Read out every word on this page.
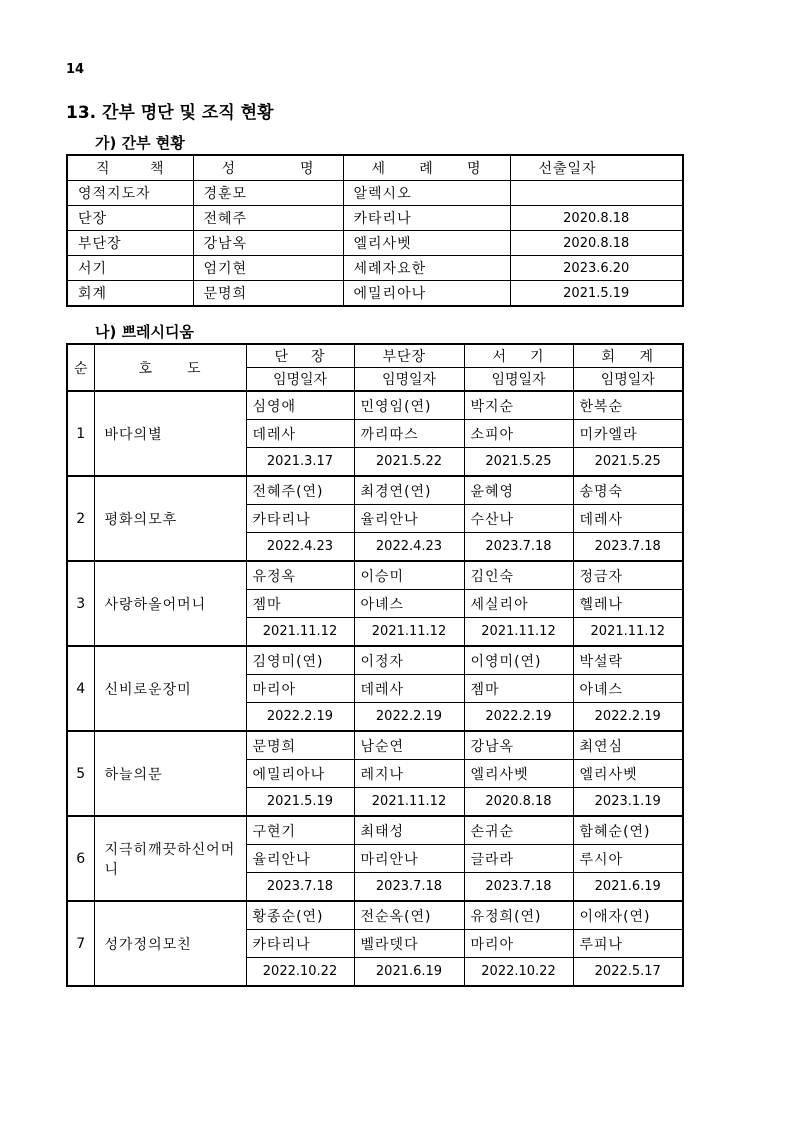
14
13. 간부 명단 및 조직 현황
가) 간부 현황
직 책	성 명	세 례 명	선출일자
영적지도자	경훈모	알렉시오	
단장	전혜주	카타리나	2020.8.18
부단장	강남옥	엘리사벳	2020.8.18
서기	엄기현	세례자요한	2023.6.20
회계	문명희	에밀리아나	2021.5.19
나) 쁘레시디움
순	호 도	단 장	부단장	서 기	회 계
		임명일자	임명일자	임명일자	임명일자
1	바다의별	심영애	민영임(연)	박지순	한복순
		데레사	까리따스	소피아	미카엘라
		2021.3.17	2021.5.22	2021.5.25	2021.5.25
2	평화의모후	전혜주(연)	최경연(연)	윤혜영	송명숙
		카타리나	율리안나	수산나	데레사
		2022.4.23	2022.4.23	2023.7.18	2023.7.18
3	사랑하올어머니	유정옥	이승미	김인숙	정금자
		젬마	아녜스	세실리아	헬레나
		2021.11.12	2021.11.12	2021.11.12	2021.11.12
4	신비로운장미	김영미(연)	이정자	이영미(연)	박설락
		마리아	데레사	젬마	아녜스
		2022.2.19	2022.2.19	2022.2.19	2022.2.19
5	하늘의문	문명희	남순연	강남옥	최연심
		에밀리아나	레지나	엘리사벳	엘리사벳
		2021.5.19	2021.11.12	2020.8.18	2023.1.19
6	지극히깨끗하신어머니	구현기	최태성	손귀순	함혜순(연)
		율리안나	마리안나	글라라	루시아
		2023.7.18	2023.7.18	2023.7.18	2021.6.19
7	성가정의모친	황종순(연)	전순옥(연)	유정희(연)	이애자(연)
		카타리나	벨라뎃다	마리아	루피나
		2022.10.22	2021.6.19	2022.10.22	2022.5.17
